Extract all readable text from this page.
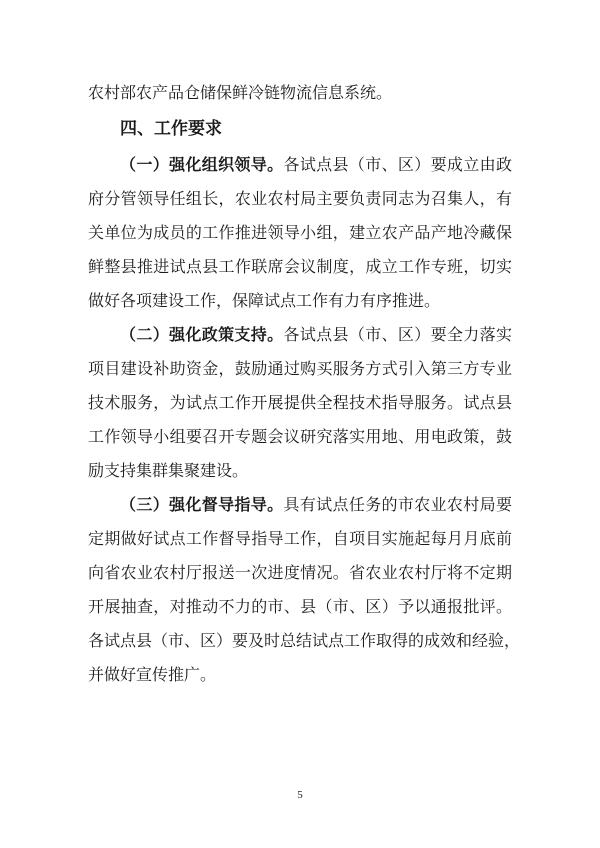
农村部农产品仓储保鲜冷链物流信息系统。
四、工作要求
（一）强化组织领导。各试点县（市、区）要成立由政
府分管领导任组长，农业农村局主要负责同志为召集人，有
关单位为成员的工作推进领导小组，建立农产品产地冷藏保
鲜整县推进试点县工作联席会议制度，成立工作专班，切实
做好各项建设工作，保障试点工作有力有序推进。
（二）强化政策支持。各试点县（市、区）要全力落实
项目建设补助资金，鼓励通过购买服务方式引入第三方专业
技术服务，为试点工作开展提供全程技术指导服务。试点县
工作领导小组要召开专题会议研究落实用地、用电政策，鼓
励支持集群集聚建设。
（三）强化督导指导。具有试点任务的市农业农村局要
定期做好试点工作督导指导工作，自项目实施起每月月底前
向省农业农村厅报送一次进度情况。省农业农村厅将不定期
开展抽查，对推动不力的市、县（市、区）予以通报批评。
各试点县（市、区）要及时总结试点工作取得的成效和经验，
并做好宣传推广。
5
